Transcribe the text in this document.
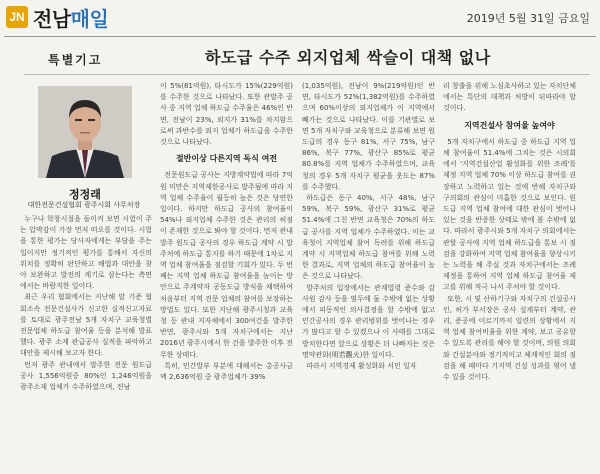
JN 전남매일	2019년 5월 31일 금요일
특별기고	하도급 수주 외지업체 싹슬이 대책 없나
정정래
대한전문건설협회 광주시회 사무처장

누구나 학창시절을 돌이켜 보면 시험이 주는 압박감이 가장 먼저 떠오를 것이다. 시험을 통한 평가는 당사자에게는 부담을 주는 일이지만 정기적인 평가를 통해서 자신의 위치를 정확히 판단하고 해법과 대안을 찾아 보완하고 발전의 계기로 삼는다는 측면에서는 바람직한 일이다.

최근 우리 협회에서는 지난해 말 기준 협회소속 전문건설사가 신고한 실적신고자료를 토대로 광주전남 5개 자치구 교육청별 전문업체 하도급 참여율 등을 분석해 발표했다. 광주 소재 관급공사 실적을 파악하고 대안을 제시해 보고자 한다.

먼저 광주 관내에서 발주한 전문 원도급 공사 1,556억원중 80%인 1,246억원을 광주소재 업체가 수주하였으며, 전남

이 5%(81억원), 타시도가 15%(229억원)를 수주한 것으로 나타났다. 또한 관발주 공사 중 지역 업체 하도급 수주율은 46%인 반면, 전남이 23%, 외지가 31%를 차지함으로써 과반수를 외지 업체가 하도급을 수주한 것으로 나타났다.

절반이상 다른지역 독식 여전

전문원도급 공사는 지방계약법에 따라 7억원 미만은 지역제한공사로 발주됨에 따라 지역 업체 수주율이 월등히 높은 것은 당연한 일이다. 하지만 하도급 공사의 참여율이 54%나 외지업체 수주한 것은 관리의 허점이 존재한 것으로 봐야 할 것이다. 먼저 관내발주 원도급 공사의 경우 하도급 계약 시 발주처에 하도급 통지를 하기 때문에 1차로 지역 업체 참여율을 점검할 기회가 있다. 두 번째는 지역 업체 하도급 참여율을 높이는 방안으로 주계약자 공동도급 방식을 채택하여 처음부터 지역 전문 업체의 참여를 보장하는 방법도 있다. 또한 지난해 광주시청과 교육청 등 관내 지자체에서 300여건을 발주한 반면, 광주시와 5개 자치구에서는 지난 2016년 광주시에서 한 건을 발주한 이후 전무한 상태다.

특히, 민간발부 부분에 대해서는 총공사금액 2,636억원 중 광주업체가 39%

(1,035억원), 전남이 9%(219억원)인 반면, 타시도가 52%(1,382억원)를 수주하였으며 60%이상의 외지업체가 이 지역에서 빼가는 것으로 나타났다. 이를 기관별로 보면 5개 자치구와 교육청으로 분류해 보면 원도급의 경우 동구 81%, 서구 75%, 남구 86%, 북구 77%, 광산구 85%로 평균 80.8%를 지역 업체가 수주하였으며, 교육청의 경우 5개 자치구 평균을 웃도는 87%를 수주했다.

하도급은 동구 40%, 서구 48%, 남구 59%, 북구 59%, 광산구 31%로 평균 51.4%에 그친 반면 교육청은 70%의 하도급 공사를 지역 업체가 수주하였다. 이는 교육청이 지역업체 참여 독려를 위해 하도급 계약 시 지역업체 하도급 참여를 위해 노력한 결과로, 지역 업체의 하도급 참여율이 높은 것으로 나타났다.

발주처의 입장에서는 관계법령 준수와 감사원 감사 등을 염두에 둘 수밖에 없는 상황에서 피동적인 의사결정을 할 수밖에 없고 민간공사의 경우 관리범위를 벗어나는 경우가 많다고 할 수 있겠으나 이 사태를 그대로 방치한다면 앞으로 상황은 더 나빠지는 것은 명약관화(明若觀火)한 일이다.

따라서 지역경제 활성화와 서민 일자

리 창출을 위해 노심초사하고 있는 자치단체에서는 특단의 대책과 처방이 뒤따라야 할 것이다.

지역건설사 참여율 높여야

5개 자치구에서 하도급 중 하도급 지역 업체 참여율이 51.4%에 그치는 것은 시의회에서 '지역건설산업 활성화를 위한 조례'를 제정 지역 업체 70% 이상 하도급 참여를 권장하고 노력하고 있는 것에 반해 자치구와 구의회의 관심이 미흡한 것으로 보인다. 원도급 지역 업체 참여에 대한 관심이 벗어나 있는 것을 반증한 상태로 밖에 볼 수밖에 없다. 따라서 광주시와 5개 자치구 의회에서는 관할 공사에 지역 업체 하도급을 통보 시 점검을 강화하여 지역 업체 참여율을 향상시키는 노력을 해 주실 것과 자치구에서는 조례제정을 통하여 지역 업체 하도급 참여율 제고를 위해 적극 나서 주셔야 할 것이다.

또한, 시 및 산하기구와 자치구의 건설공사 인, 허가 부서장은 공사 설계부터 계약, 관리, 준공에 이르기까지 일련의 상황에서 지역 업체 참여비율을 위한 계약, 보고 공유할 수 있도록 관리를 해야 할 것이며, 의원 의회와 건설분야와 정기적이고 체계적인 회의 점검을 해 때마다 기지역 건설 성과를 엮어 낼 수 있을 것이다.
